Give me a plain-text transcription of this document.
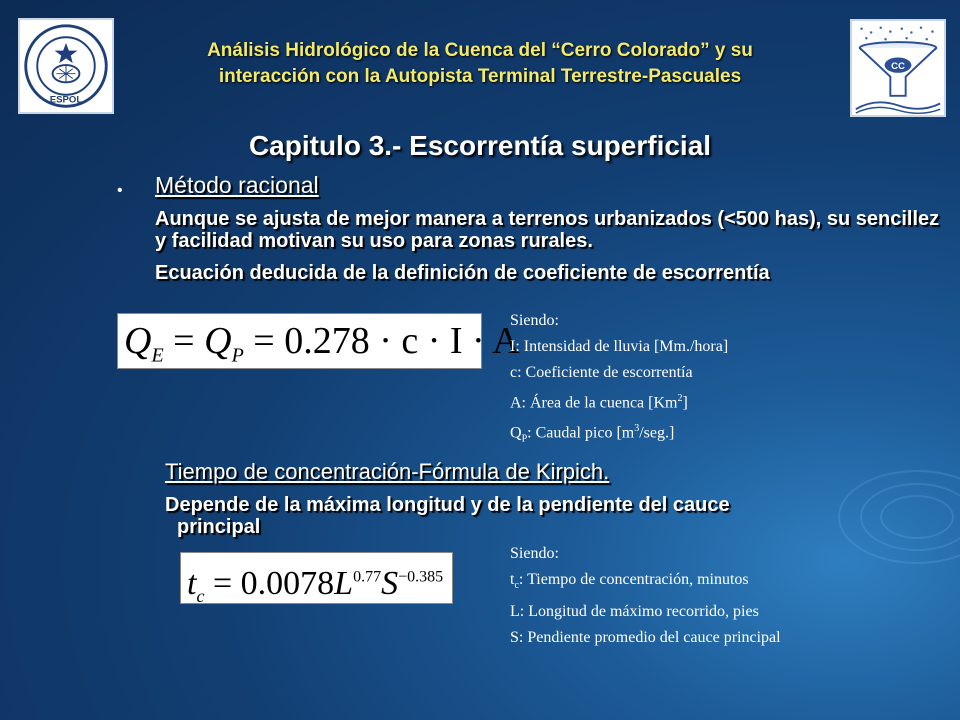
ESPOL
CC
Análisis Hidrológico de la Cuenca del “Cerro Colorado” y su
interacción con la Autopista Terminal Terrestre-Pascuales
Capitulo 3.- Escorrentía superficial
• Método racional
Aunque se ajusta de mejor manera a terrenos urbanizados (<500 has), su sencillez y facilidad motivan su uso para zonas rurales.
Ecuación deducida de la definición de coeficiente de escorrentía
$Q_E = Q_P = 0.278 \cdot c \cdot I \cdot A$
Siendo:
I: Intensidad de lluvia [Mm./hora]
c: Coeficiente de escorrentía
A: Área de la cuenca [Km$^2$]
$Q_P$: Caudal pico $[m^3/seg.]$
Tiempo de concentración-Fórmula de Kirpich.
Depende de la máxima longitud y de la pendiente del cauce
principal
$t_c = 0.0078L^{0.77}S^{-0.385}$
Siendo:
$t_c$: Tiempo de concentración, minutos
L: Longitud de máximo recorrido, pies
S: Pendiente promedio del cauce principal
